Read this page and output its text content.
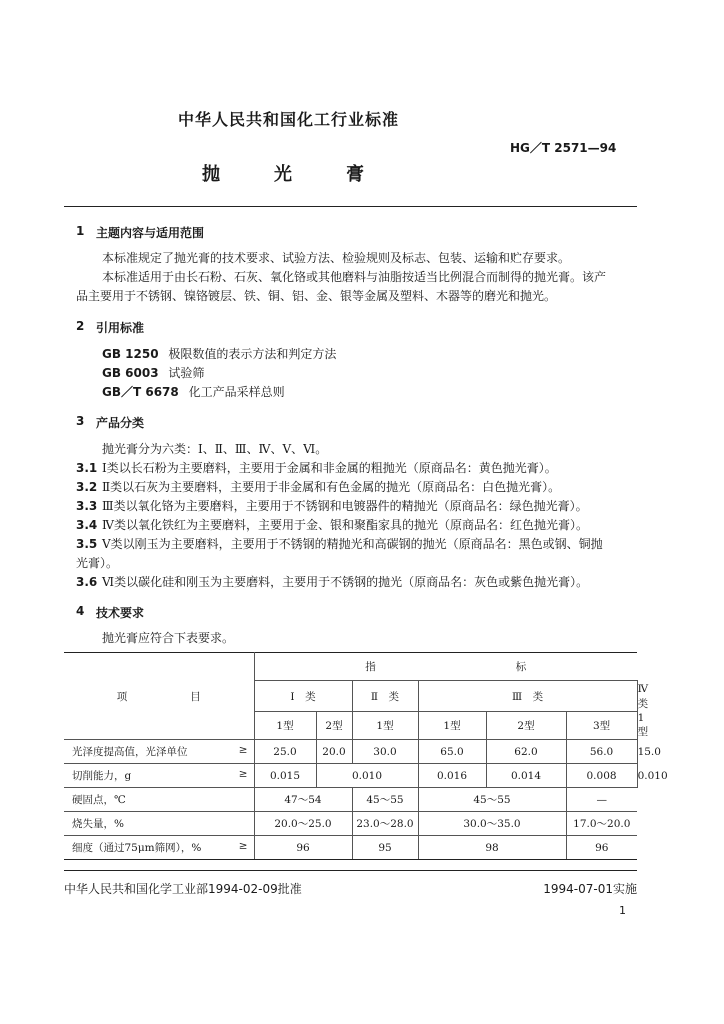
中华人民共和国化工行业标准
HG／T 2571—94
抛　　　光　　　膏
1 主题内容与适用范围
本标准规定了抛光膏的技术要求、试验方法、检验规则及标志、包装、运输和贮存要求。
本标准适用于由长石粉、石灰、氧化铬或其他磨料与油脂按适当比例混合而制得的抛光膏。该产
品主要用于不锈钢、镍铬镀层、铁、铜、铝、金、银等金属及塑料、木器等的磨光和抛光。
2 引用标准
GB 1250 极限数值的表示方法和判定方法
GB 6003 试验筛
GB／T 6678 化工产品采样总则
3 产品分类
抛光膏分为六类：Ⅰ、Ⅱ、Ⅲ、Ⅳ、Ⅴ、Ⅵ。
3.1 Ⅰ类以长石粉为主要磨料，主要用于金属和非金属的粗抛光（原商品名：黄色抛光膏）。
3.2 Ⅱ类以石灰为主要磨料，主要用于非金属和有色金属的抛光（原商品名：白色抛光膏）。
3.3 Ⅲ类以氧化铬为主要磨料，主要用于不锈钢和电镀器件的精抛光（原商品名：绿色抛光膏）。
3.4 Ⅳ类以氧化铁红为主要磨料，主要用于金、银和聚酯家具的抛光（原商品名：红色抛光膏）。
3.5 Ⅴ类以刚玉为主要磨料，主要用于不锈钢的精抛光和高碳钢的抛光（原商品名：黑色或钢、铜抛
光膏）。
3.6 Ⅵ类以碳化硅和刚玉为主要磨料，主要用于不锈钢的抛光（原商品名：灰色或紫色抛光膏）。
4 技术要求
抛光膏应符合下表要求。
项　　　　　　目	指 标						
	Ⅰ　类		Ⅱ　类	Ⅲ　类			Ⅳ　类
	1型	2型	1型	1型	2型	3型	1型
光泽度提高值，光泽单位 ≥	25.0	20.0	30.0	65.0	62.0	56.0	15.0
切削能力，g ≥	0.015	0.010		0.016	0.014	0.008	0.010
硬固点，℃	47～54		45～55	45～55		—	
烧失量，%	20.0～25.0		23.0～28.0	30.0～35.0		17.0～20.0	
细度（通过75μm筛网），% ≥	96		95	98		96	
中华人民共和国化学工业部1994-02-09批准	1994-07-01实施
1
